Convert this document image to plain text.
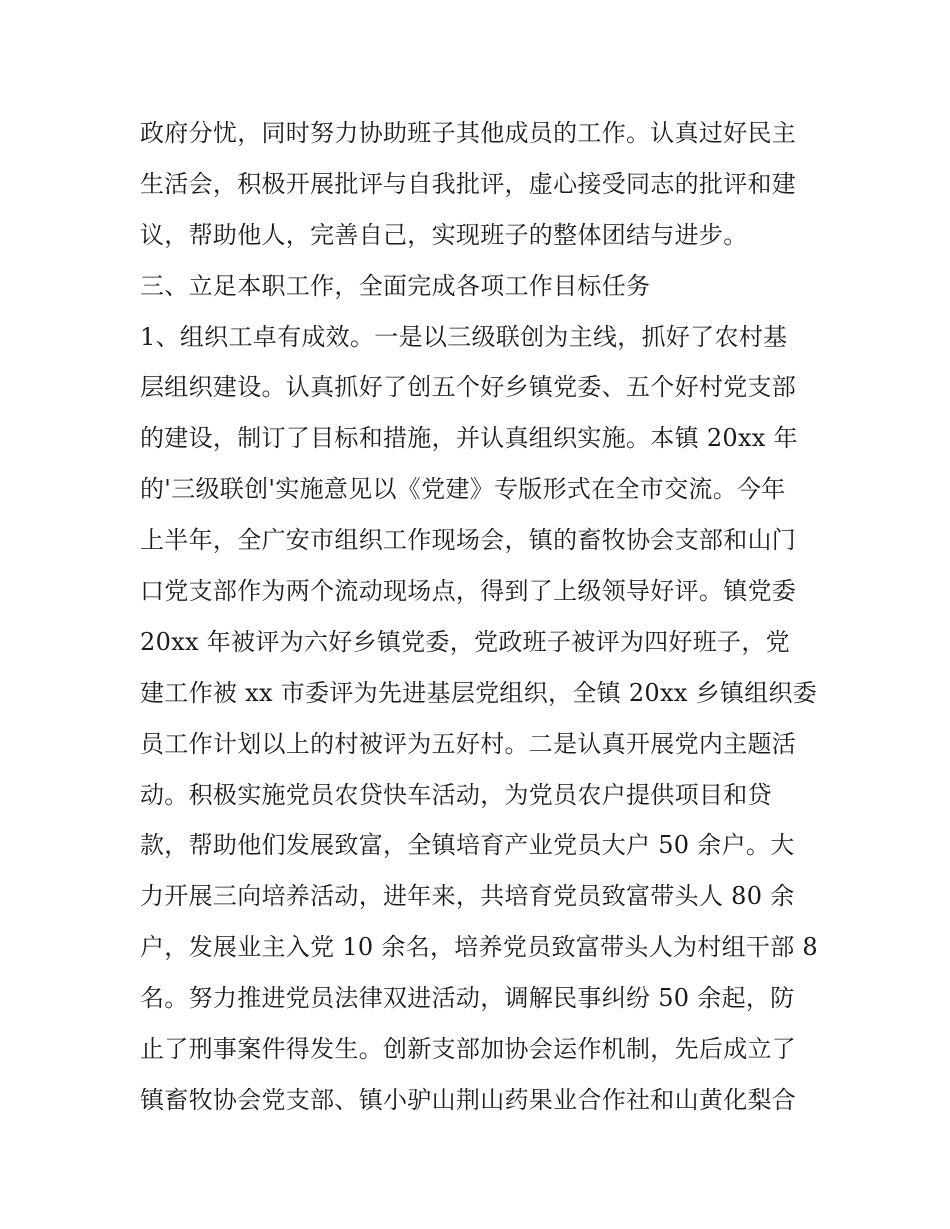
政府分忧，同时努力协助班子其他成员的工作。认真过好民主
生活会，积极开展批评与自我批评，虚心接受同志的批评和建
议，帮助他人，完善自己，实现班子的整体团结与进步。
三、立足本职工作，全面完成各项工作目标任务
1、组织工卓有成效。一是以三级联创为主线，抓好了农村基
层组织建设。认真抓好了创五个好乡镇党委、五个好村党支部
的建设，制订了目标和措施，并认真组织实施。本镇 20xx 年
的'三级联创'实施意见以《党建》专版形式在全市交流。今年
上半年，全广安市组织工作现场会，镇的畜牧协会支部和山门
口党支部作为两个流动现场点，得到了上级领导好评。镇党委
20xx 年被评为六好乡镇党委，党政班子被评为四好班子，党
建工作被 xx 市委评为先进基层党组织，全镇 20xx 乡镇组织委
员工作计划以上的村被评为五好村。二是认真开展党内主题活
动。积极实施党员农贷快车活动，为党员农户提供项目和贷
款，帮助他们发展致富，全镇培育产业党员大户 50 余户。大
力开展三向培养活动，进年来，共培育党员致富带头人 80 余
户，发展业主入党 10 余名，培养党员致富带头人为村组干部 8
名。努力推进党员法律双进活动，调解民事纠纷 50 余起，防
止了刑事案件得发生。创新支部加协会运作机制，先后成立了
镇畜牧协会党支部、镇小驴山荆山药果业合作社和山黄化梨合
